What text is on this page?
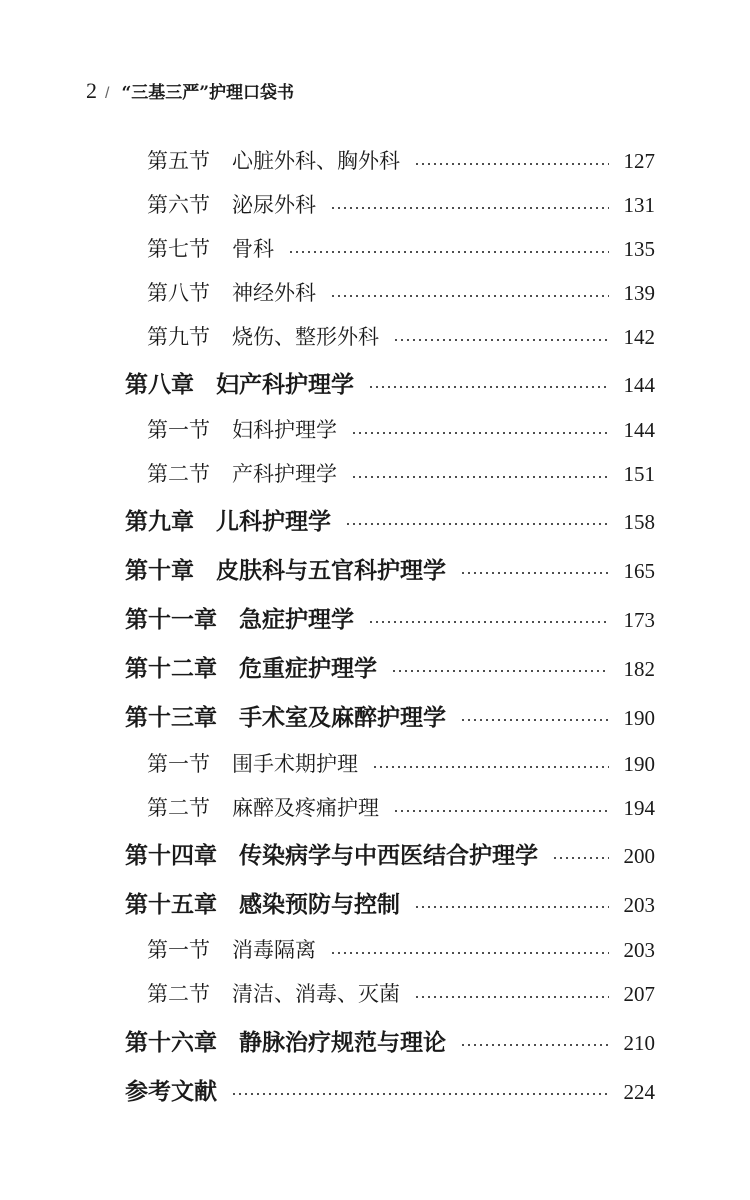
2 / “三基三严”护理口袋书
第五节 心脏外科、胸外科	127
第六节 泌尿外科	131
第七节 骨科	135
第八节 神经外科	139
第九节 烧伤、整形外科	142
第八章 妇产科护理学	144
第一节 妇科护理学	144
第二节 产科护理学	151
第九章 儿科护理学	158
第十章 皮肤科与五官科护理学	165
第十一章 急症护理学	173
第十二章 危重症护理学	182
第十三章 手术室及麻醉护理学	190
第一节 围手术期护理	190
第二节 麻醉及疼痛护理	194
第十四章 传染病学与中西医结合护理学	200
第十五章 感染预防与控制	203
第一节 消毒隔离	203
第二节 清洁、消毒、灭菌	207
第十六章 静脉治疗规范与理论	210
参考文献	224
